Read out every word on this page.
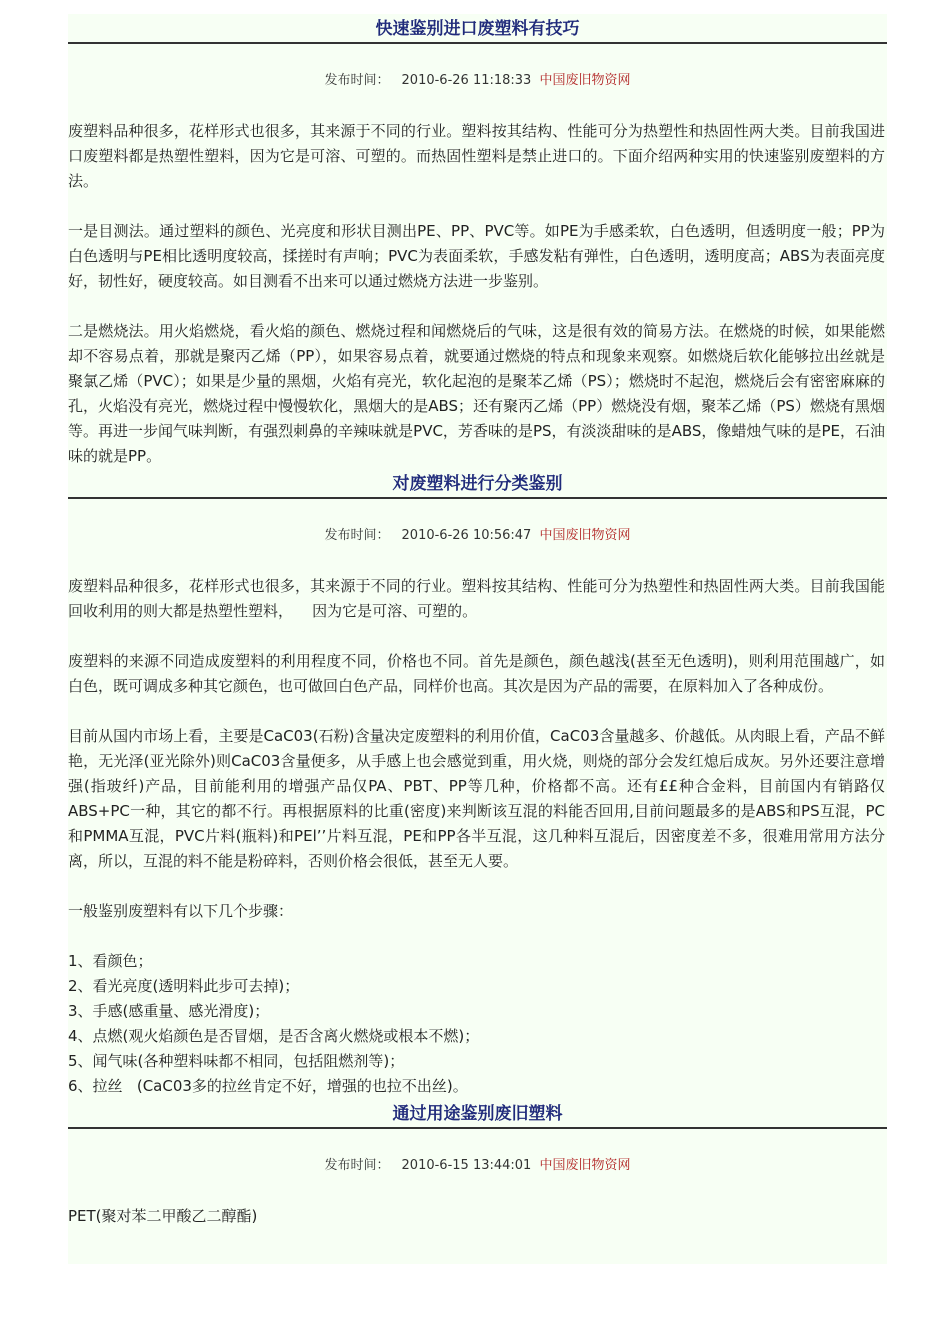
快速鉴别进口废塑料有技巧
发布时间： 2010-6-26 11:18:33 中国废旧物资网

废塑料品种很多，花样形式也很多，其来源于不同的行业。塑料按其结构、性能可分为热塑性和热固性两大类。目前我国进口废塑料都是热塑性塑料，因为它是可溶、可塑的。而热固性塑料是禁止进口的。下面介绍两种实用的快速鉴别废塑料的方法。

一是目测法。通过塑料的颜色、光亮度和形状目测出PE、PP、PVC等。如PE为手感柔软，白色透明，但透明度一般；PP为白色透明与PE相比透明度较高，揉搓时有声响；PVC为表面柔软，手感发粘有弹性，白色透明，透明度高；ABS为表面亮度好，韧性好，硬度较高。如目测看不出来可以通过燃烧方法进一步鉴别。

二是燃烧法。用火焰燃烧，看火焰的颜色、燃烧过程和闻燃烧后的气味，这是很有效的简易方法。在燃烧的时候，如果能燃却不容易点着，那就是聚丙乙烯（PP），如果容易点着，就要通过燃烧的特点和现象来观察。如燃烧后软化能够拉出丝就是聚氯乙烯（PVC）；如果是少量的黑烟，火焰有亮光，软化起泡的是聚苯乙烯（PS）；燃烧时不起泡，燃烧后会有密密麻麻的孔，火焰没有亮光，燃烧过程中慢慢软化，黑烟大的是ABS；还有聚丙乙烯（PP）燃烧没有烟，聚苯乙烯（PS）燃烧有黑烟等。再进一步闻气味判断，有强烈刺鼻的辛辣味就是PVC，芳香味的是PS，有淡淡甜味的是ABS，像蜡烛气味的是PE，石油味的就是PP。

对废塑料进行分类鉴别
发布时间： 2010-6-26 10:56:47 中国废旧物资网

废塑料品种很多，花样形式也很多，其来源于不同的行业。塑料按其结构、性能可分为热塑性和热固性两大类。目前我国能回收利用的则大都是热塑性塑料，    因为它是可溶、可塑的。

废塑料的来源不同造成废塑料的利用程度不同，价格也不同。首先是颜色，颜色越浅(甚至无色透明)，则利用范围越广，如白色，既可调成多种其它颜色，也可做回白色产品，同样价也高。其次是因为产品的需要，在原料加入了各种成份。

目前从国内市场上看，主要是CaC03(石粉)含量决定废塑料的利用价值，CaC03含量越多、价越低。从肉眼上看，产品不鲜艳，无光泽(亚光除外)则CaC03含量便多，从手感上也会感觉到重，用火烧，则烧的部分会发红熄后成灰。另外还要注意增强(指玻纤)产品，目前能利用的增强产品仅PA、PBT、PP等几种，价格都不高。还有££种合金料，目前国内有销路仅ABS+PC一种，其它的都不行。再根据原料的比重(密度)来判断该互混的料能否回用,目前问题最多的是ABS和PS互混，PC和PMMA互混，PVC片料(瓶料)和PEl’’片料互混，PE和PP各半互混，这几种料互混后，因密度差不多，很难用常用方法分离，所以，互混的料不能是粉碎料，否则价格会很低，甚至无人要。

一般鉴别废塑料有以下几个步骤：

1、看颜色；
2、看光亮度(透明料此步可去掉)；
3、手感(感重量、感光滑度)；
4、点燃(观火焰颜色是否冒烟，是否含离火燃烧或根本不燃)；
5、闻气味(各种塑料味都不相同，包括阻燃剂等)；
6、拉丝   (CaC03多的拉丝肯定不好，增强的也拉不出丝)。
通过用途鉴别废旧塑料
发布时间： 2010-6-15 13:44:01 中国废旧物资网

PET(聚对苯二甲酸乙二醇酯)
